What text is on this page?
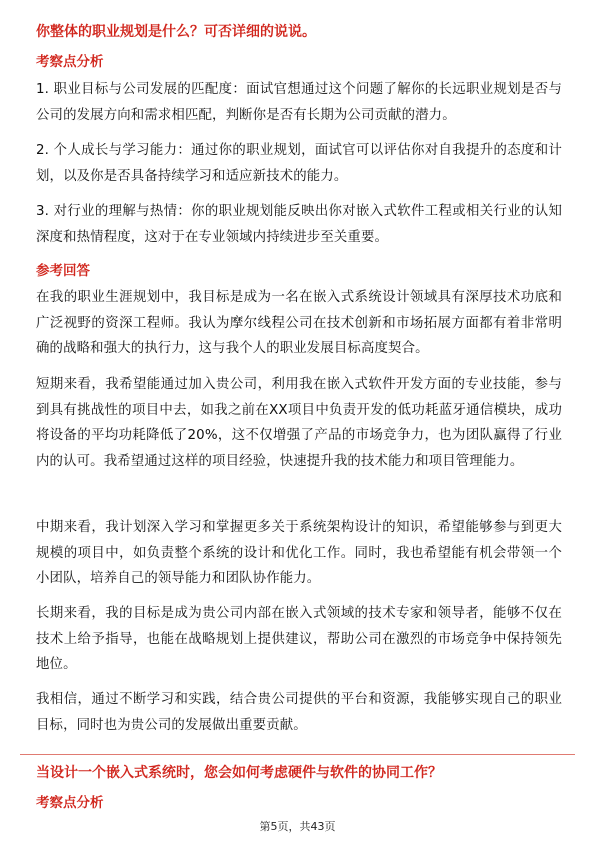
你整体的职业规划是什么？可否详细的说说。
考察点分析

1. 职业目标与公司发展的匹配度：面试官想通过这个问题了解你的长远职业规划是否与公司的发展方向和需求相匹配，判断你是否有长期为公司贡献的潜力。

2. 个人成长与学习能力：通过你的职业规划，面试官可以评估你对自我提升的态度和计划，以及你是否具备持续学习和适应新技术的能力。

3. 对行业的理解与热情：你的职业规划能反映出你对嵌入式软件工程或相关行业的认知深度和热情程度，这对于在专业领域内持续进步至关重要。

参考回答

在我的职业生涯规划中，我目标是成为一名在嵌入式系统设计领域具有深厚技术功底和广泛视野的资深工程师。我认为摩尔线程公司在技术创新和市场拓展方面都有着非常明确的战略和强大的执行力，这与我个人的职业发展目标高度契合。

短期来看，我希望能通过加入贵公司，利用我在嵌入式软件开发方面的专业技能，参与到具有挑战性的项目中去，如我之前在XX项目中负责开发的低功耗蓝牙通信模块，成功将设备的平均功耗降低了20%，这不仅增强了产品的市场竞争力，也为团队赢得了行业内的认可。我希望通过这样的项目经验，快速提升我的技术能力和项目管理能力。

中期来看，我计划深入学习和掌握更多关于系统架构设计的知识，希望能够参与到更大规模的项目中，如负责整个系统的设计和优化工作。同时，我也希望能有机会带领一个小团队，培养自己的领导能力和团队协作能力。

长期来看，我的目标是成为贵公司内部在嵌入式领域的技术专家和领导者，能够不仅在技术上给予指导，也能在战略规划上提供建议，帮助公司在激烈的市场竞争中保持领先地位。

我相信，通过不断学习和实践，结合贵公司提供的平台和资源，我能够实现自己的职业目标，同时也为贵公司的发展做出重要贡献。

当设计一个嵌入式系统时，您会如何考虑硬件与软件的协同工作？
考察点分析
第5页，共43页
